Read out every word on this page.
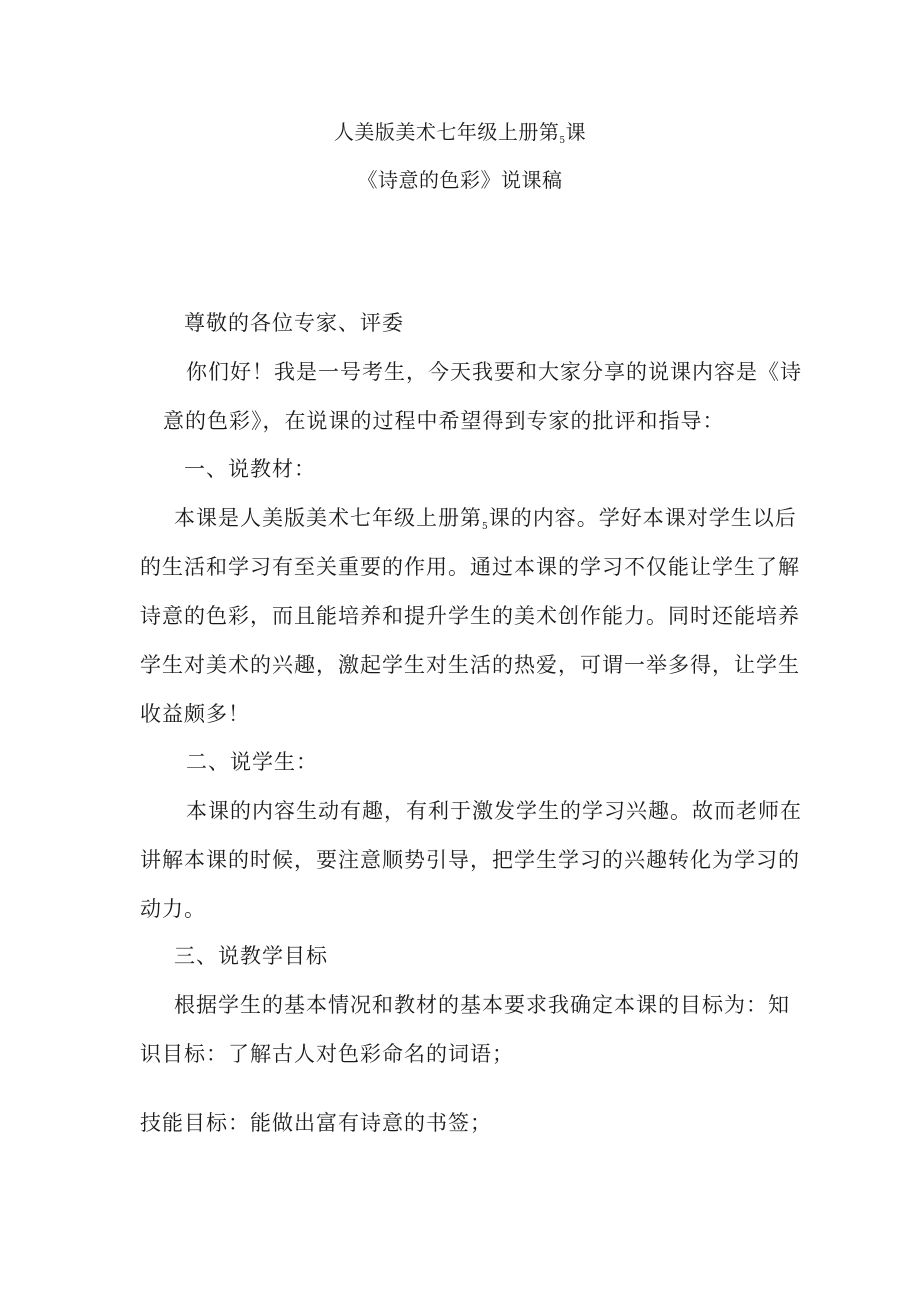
人美版美术七年级上册第$_5$课
《诗意的色彩》说课稿
尊敬的各位专家、评委
你们好！我是一号考生，今天我要和大家分享的说课内容是《诗
意的色彩》，在说课的过程中希望得到专家的批评和指导：
一、说教材：
本课是人美版美术七年级上册第5课的内容。学好本课对学生以后
的生活和学习有至关重要的作用。通过本课的学习不仅能让学生了解
诗意的色彩，而且能培养和提升学生的美术创作能力。同时还能培养
学生对美术的兴趣，激起学生对生活的热爱，可谓一举多得，让学生
收益颇多！
二、说学生：
本课的内容生动有趣，有利于激发学生的学习兴趣。故而老师在
讲解本课的时候，要注意顺势引导，把学生学习的兴趣转化为学习的
动力。
三、说教学目标
根据学生的基本情况和教材的基本要求我确定本课的目标为：知
识目标：了解古人对色彩命名的词语；
技能目标：能做出富有诗意的书签；
